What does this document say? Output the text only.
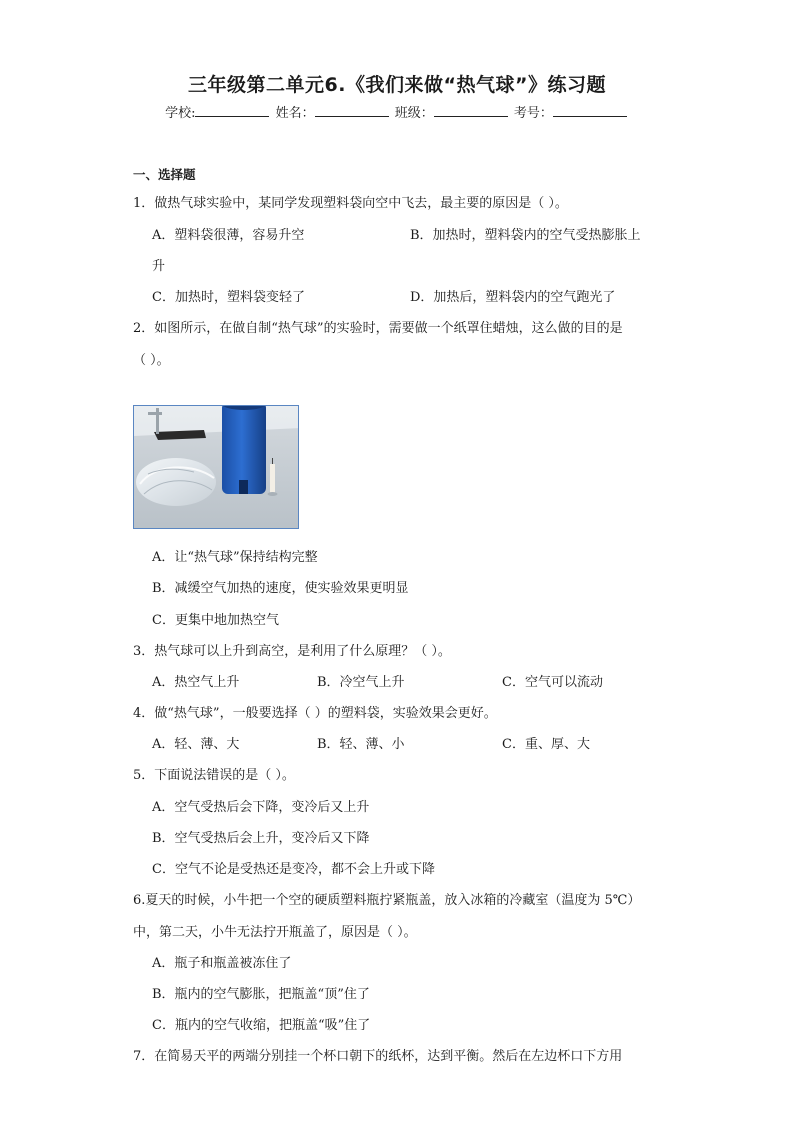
三年级第二单元6.《我们来做“热气球”》练习题
学校:	姓名：	班级：	考号：
一、选择题
1．做热气球实验中，某同学发现塑料袋向空中飞去，最主要的原因是（ ）。
A．塑料袋很薄，容易升空	B．加热时，塑料袋内的空气受热膨胀上
升
C．加热时，塑料袋变轻了	D．加热后，塑料袋内的空气跑光了
2．如图所示，在做自制“热气球”的实验时，需要做一个纸罩住蜡烛，这么做的目的是
（ ）。
A．让“热气球”保持结构完整
B．减缓空气加热的速度，使实验效果更明显
C．更集中地加热空气
3．热气球可以上升到高空，是利用了什么原理？（ ）。
A．热空气上升	B．冷空气上升	C．空气可以流动
4．做“热气球”，一般要选择（ ）的塑料袋，实验效果会更好。
A．轻、薄、大	B．轻、薄、小	C．重、厚、大
5．下面说法错误的是（ ）。
A．空气受热后会下降，变冷后又上升
B．空气受热后会上升，变冷后又下降
C．空气不论是受热还是变冷，都不会上升或下降
6.夏天的时候，小牛把一个空的硬质塑料瓶拧紧瓶盖，放入冰箱的冷藏室（温度为 5℃）
中，第二天，小牛无法拧开瓶盖了，原因是（ ）。
A．瓶子和瓶盖被冻住了
B．瓶内的空气膨胀，把瓶盖“顶”住了
C．瓶内的空气收缩，把瓶盖“吸”住了
7．在简易天平的两端分别挂一个杯口朝下的纸杯，达到平衡。然后在左边杯口下方用
